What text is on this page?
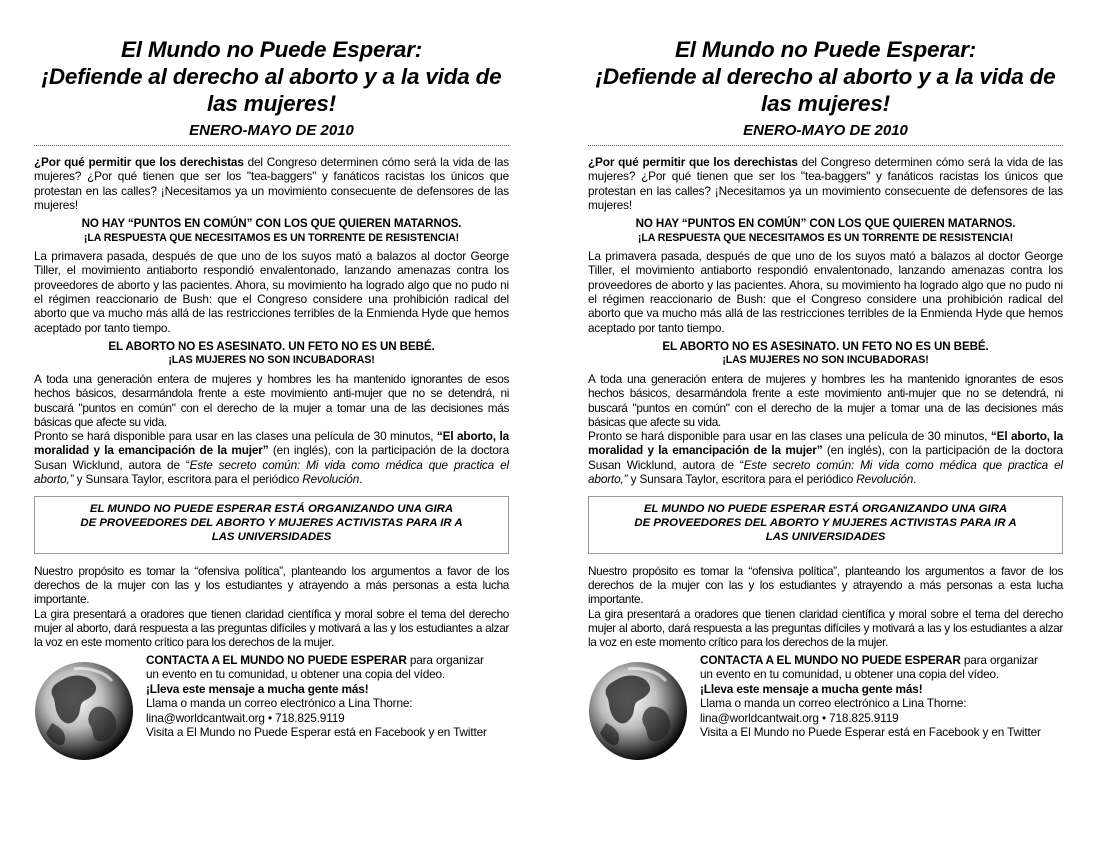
El Mundo no Puede Esperar:
¡Defiende al derecho al aborto y a la vida de
las mujeres!
ENERO-MAYO DE 2010

¿Por qué permitir que los derechistas del Congreso determinen cómo será la vida de las mujeres? ¿Por qué tienen que ser los "tea-baggers" y fanáticos racistas los únicos que protestan en las calles? ¡Necesitamos ya un movimiento consecuente de defensores de las mujeres!

NO HAY “PUNTOS EN COMÚN” CON LOS QUE QUIEREN MATARNOS.
¡LA RESPUESTA QUE NECESITAMOS ES UN TORRENTE DE RESISTENCIA!

La primavera pasada, después de que uno de los suyos mató a balazos al doctor George Tiller, el movimiento antiaborto respondió envalentonado, lanzando amenazas contra los proveedores de aborto y las pacientes. Ahora, su movimiento ha logrado algo que no pudo ni el régimen reaccionario de Bush: que el Congreso considere una prohibición radical del aborto que va mucho más allá de las restricciones terribles de la Enmienda Hyde que hemos aceptado por tanto tiempo.

EL ABORTO NO ES ASESINATO. UN FETO NO ES UN BEBÉ.
¡LAS MUJERES NO SON INCUBADORAS!

A toda una generación entera de mujeres y hombres les ha mantenido ignorantes de esos hechos básicos, desarmándola frente a este movimiento anti-mujer que no se detendrá, ni buscará "puntos en común" con el derecho de la mujer a tomar una de las decisiones más básicas que afecte su vida.

Pronto se hará disponible para usar en las clases una película de 30 minutos, “El aborto, la moralidad y la emancipación de la mujer” (en inglés), con la participación de la doctora Susan Wicklund, autora de “Este secreto común: Mi vida como médica que practica el aborto,” y Sunsara Taylor, escritora para el periódico Revolución.

EL MUNDO NO PUEDE ESPERAR ESTÁ ORGANIZANDO UNA GIRA
DE PROVEEDORES DEL ABORTO Y MUJERES ACTIVISTAS PARA IR A
LAS UNIVERSIDADES

Nuestro propósito es tomar la “ofensiva política”, planteando los argumentos a favor de los derechos de la mujer con las y los estudiantes y atrayendo a más personas a esta lucha importante.

La gira presentará a oradores que tienen claridad científica y moral sobre el tema del derecho mujer al aborto, dará respuesta a las preguntas difíciles y motivará a las y los estudiantes a alzar la voz en este momento crítico para los derechos de la mujer.

CONTACTA A EL MUNDO NO PUEDE ESPERAR para organizar
un evento en tu comunidad, u obtener una copia del vídeo.
¡Lleva este mensaje a mucha gente más!
Llama o manda un correo electrónico a Lina Thorne:
lina@worldcantwait.org • 718.825.9119
Visita a El Mundo no Puede Esperar está en Facebook y en Twitter
El Mundo no Puede Esperar:
¡Defiende al derecho al aborto y a la vida de
las mujeres!
ENERO-MAYO DE 2010

¿Por qué permitir que los derechistas del Congreso determinen cómo será la vida de las mujeres? ¿Por qué tienen que ser los "tea-baggers" y fanáticos racistas los únicos que protestan en las calles? ¡Necesitamos ya un movimiento consecuente de defensores de las mujeres!

NO HAY “PUNTOS EN COMÚN” CON LOS QUE QUIEREN MATARNOS.
¡LA RESPUESTA QUE NECESITAMOS ES UN TORRENTE DE RESISTENCIA!

La primavera pasada, después de que uno de los suyos mató a balazos al doctor George Tiller, el movimiento antiaborto respondió envalentonado, lanzando amenazas contra los proveedores de aborto y las pacientes. Ahora, su movimiento ha logrado algo que no pudo ni el régimen reaccionario de Bush: que el Congreso considere una prohibición radical del aborto que va mucho más allá de las restricciones terribles de la Enmienda Hyde que hemos aceptado por tanto tiempo.

EL ABORTO NO ES ASESINATO. UN FETO NO ES UN BEBÉ.
¡LAS MUJERES NO SON INCUBADORAS!

A toda una generación entera de mujeres y hombres les ha mantenido ignorantes de esos hechos básicos, desarmándola frente a este movimiento anti-mujer que no se detendrá, ni buscará "puntos en común" con el derecho de la mujer a tomar una de las decisiones más básicas que afecte su vida.

Pronto se hará disponible para usar en las clases una película de 30 minutos, “El aborto, la moralidad y la emancipación de la mujer” (en inglés), con la participación de la doctora Susan Wicklund, autora de “Este secreto común: Mi vida como médica que practica el aborto,” y Sunsara Taylor, escritora para el periódico Revolución.

EL MUNDO NO PUEDE ESPERAR ESTÁ ORGANIZANDO UNA GIRA
DE PROVEEDORES DEL ABORTO Y MUJERES ACTIVISTAS PARA IR A
LAS UNIVERSIDADES

Nuestro propósito es tomar la “ofensiva política”, planteando los argumentos a favor de los derechos de la mujer con las y los estudiantes y atrayendo a más personas a esta lucha importante.

La gira presentará a oradores que tienen claridad científica y moral sobre el tema del derecho mujer al aborto, dará respuesta a las preguntas difíciles y motivará a las y los estudiantes a alzar la voz en este momento crítico para los derechos de la mujer.

CONTACTA A EL MUNDO NO PUEDE ESPERAR para organizar
un evento en tu comunidad, u obtener una copia del vídeo.
¡Lleva este mensaje a mucha gente más!
Llama o manda un correo electrónico a Lina Thorne:
lina@worldcantwait.org • 718.825.9119
Visita a El Mundo no Puede Esperar está en Facebook y en Twitter
